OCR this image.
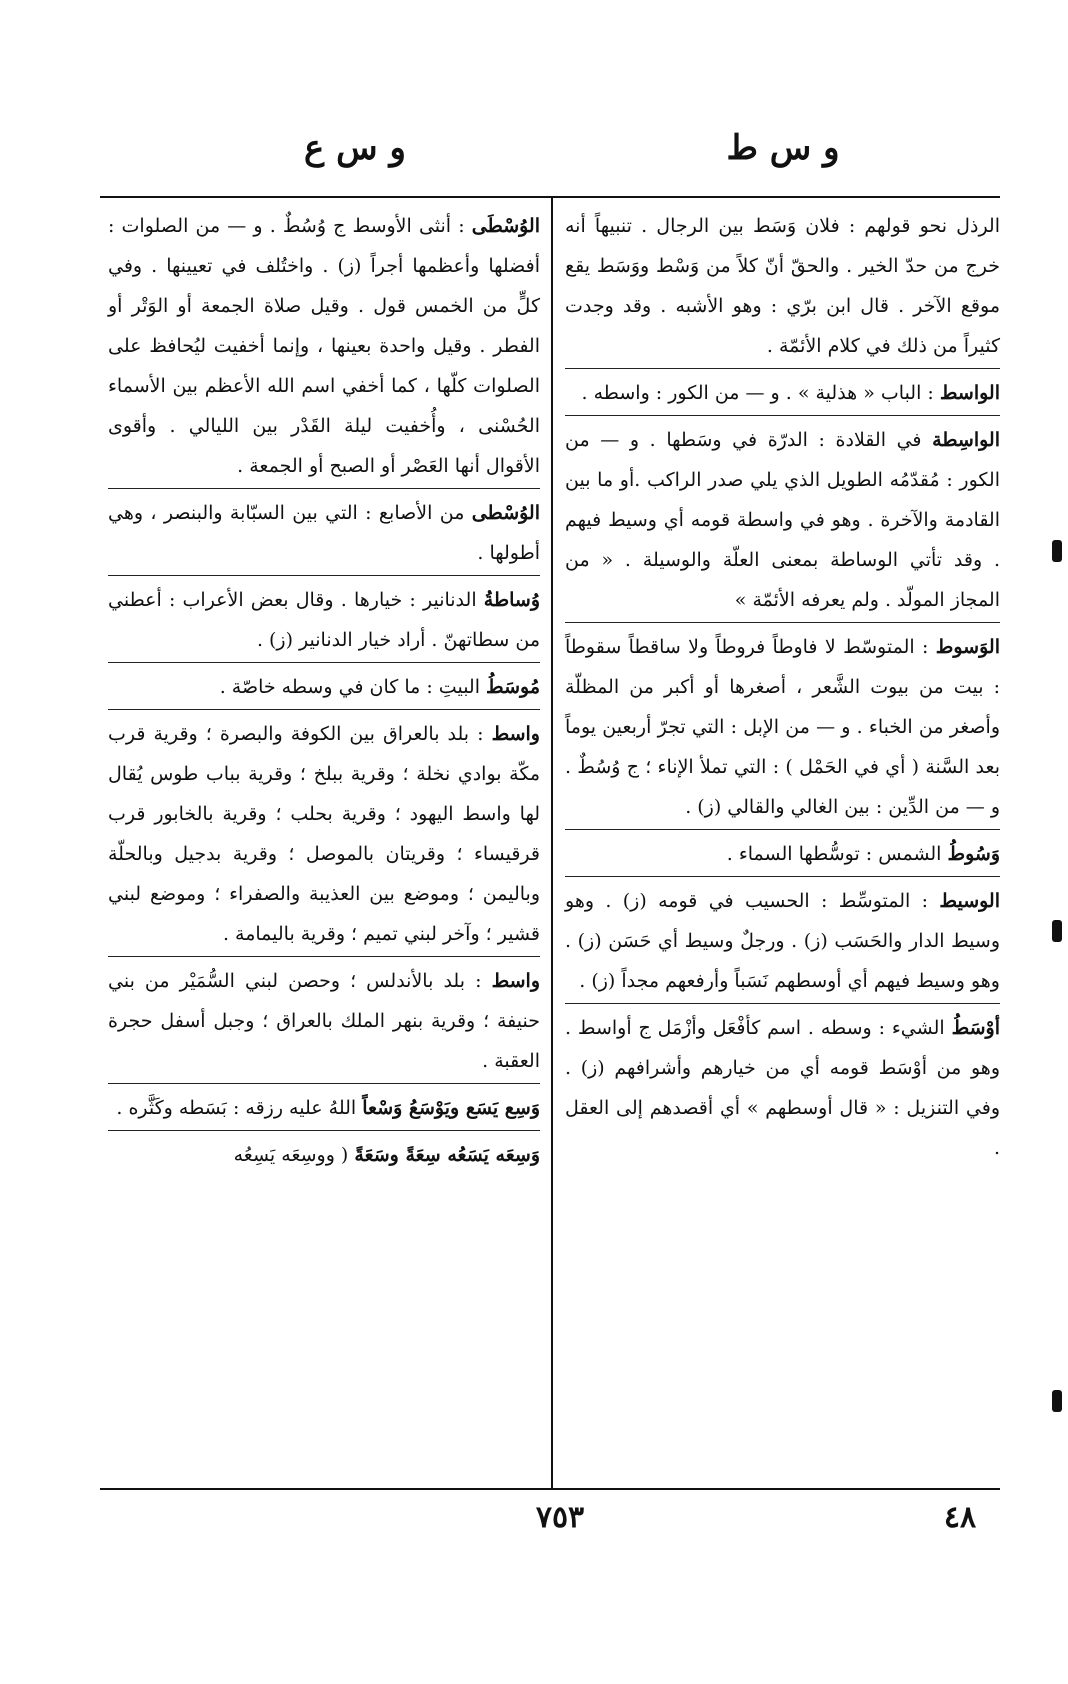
و س ط
و س ع

الرذل نحو قولهم : فلان وَسَط بين الرجال . تنبيهاً أنه خرج من حدّ الخير . والحقّ أنّ كلاً من وَسْط ووَسَط يقع موقع الآخر . قال ابن برّي : وهو الأشبه . وقد وجدت كثيراً من ذلك في كلام الأئمّة .

الواسط : الباب « هذلية » . و — من الكور : واسطه .

الواسِطة في القلادة : الدرّة في وسَطها . و — من الكور : مُقدّمُه الطويل الذي يلي صدر الراكب .أو ما بين القادمة والآخرة . وهو في واسطة قومه أي وسيط فيهم . وقد تأتي الوساطة بمعنى العلّة والوسيلة . « من المجاز المولّد . ولم يعرفه الأئمّة »

الوَسوط : المتوسّط لا فاوطاً فروطاً ولا ساقطاً سقوطاً : بيت من بيوت الشَّعر ، أصغرها أو أكبر من المظلّة وأصغر من الخباء . و — من الإبل : التي تجرّ أربعين يوماً بعد السَّنة ( أي في الحَمْل ) : التي تملأ الإناء ؛ ج وُسُطٌ . و — من الدِّين : بين الغالي والقالي (ز) .

وَسُوطُ الشمس : توسُّطها السماء .

الوسيط : المتوسِّط : الحسيب في قومه (ز) . وهو وسيط الدار والحَسَب (ز) . ورجلٌ وسيط أي حَسَن (ز) . وهو وسيط فيهم أي أوسطهم نَسَباً وأرفعهم مجداً (ز) .

أوْسَطُ الشيء : وسطه . اسم كأفْعَل وأزْمَل ج أواسط . وهو من أوْسَط قومه أي من خيارهم وأشرافهم (ز) . وفي التنزيل : « قال أوسطهم » أي أقصدهم إلى العقل .

الوُسْطَى : أنثى الأوسط ج وُسُطٌ . و — من الصلوات : أفضلها وأعظمها أجراً (ز) . واختُلف في تعيينها . وفي كلٍّ من الخمس قول . وقيل صلاة الجمعة أو الوَتْر أو الفطر . وقيل واحدة بعينها ، وإنما أخفيت ليُحافظ على الصلوات كلّها ، كما أخفي اسم الله الأعظم بين الأسماء الحُسْنى ، وأُخفيت ليلة القَدْر بين الليالي . وأقوى الأقوال أنها العَصْر أو الصبح أو الجمعة .

الوُسْطى من الأصابع : التي بين السبّابة والبنصر ، وهي أطولها .

وُساطةُ الدنانير : خيارها . وقال بعض الأعراب : أعطني من سطاتهنّ . أراد خيار الدنانير (ز) .

مُوسَطُ البيتِ : ما كان في وسطه خاصّة .

واسط : بلد بالعراق بين الكوفة والبصرة ؛ وقرية قرب مكّة بوادي نخلة ؛ وقرية ببلخ ؛ وقرية بباب طوس يُقال لها واسط اليهود ؛ وقرية بحلب ؛ وقرية بالخابور قرب قرقيساء ؛ وقريتان بالموصل ؛ وقرية بدجيل وبالحلّة وباليمن ؛ وموضع بين العذيبة والصفراء ؛ وموضع لبني قشير ؛ وآخر لبني تميم ؛ وقرية باليمامة .

واسط : بلد بالأندلس ؛ وحصن لبني السُّمَيْر من بني حنيفة ؛ وقرية بنهر الملك بالعراق ؛ وجبل أسفل حجرة العقبة .

وَسِع يَسَع ويَوْسَعُ وَسْعاً اللهُ عليه رزقه : بَسَطه وكَثَّره .

وَسِعَه يَسَعُه سِعَةً وسَعَةً ( ووسِعَه يَسِعُه

٤٨
٧٥٣
